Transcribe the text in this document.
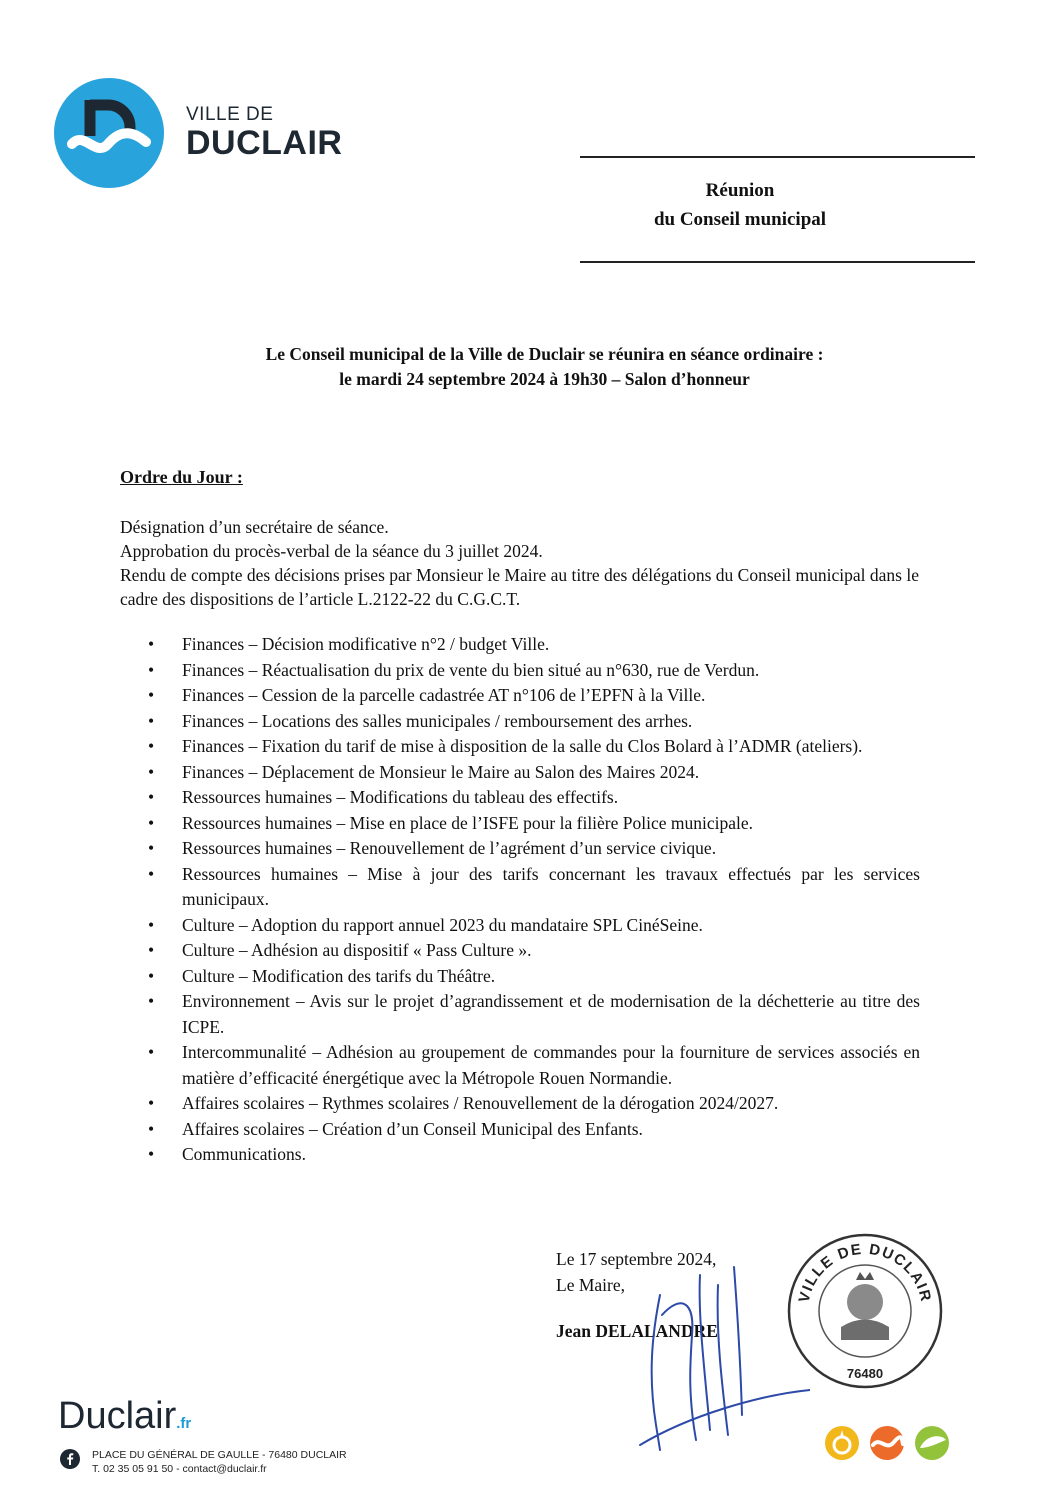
VILLE DE
DUCLAIR
Réunion
du Conseil municipal
Le Conseil municipal de la Ville de Duclair se réunira en séance ordinaire :
le mardi 24 septembre 2024 à 19h30 – Salon d’honneur
Ordre du Jour :
Désignation d’un secrétaire de séance.
Approbation du procès-verbal de la séance du 3 juillet 2024.
Rendu de compte des décisions prises par Monsieur le Maire au titre des délégations du Conseil municipal dans le cadre des dispositions de l’article L.2122-22 du C.G.C.T.
• Finances – Décision modificative n°2 / budget Ville.
• Finances – Réactualisation du prix de vente du bien situé au n°630, rue de Verdun.
• Finances – Cession de la parcelle cadastrée AT n°106 de l’EPFN à la Ville.
• Finances – Locations des salles municipales / remboursement des arrhes.
• Finances – Fixation du tarif de mise à disposition de la salle du Clos Bolard à l’ADMR (ateliers).
• Finances – Déplacement de Monsieur le Maire au Salon des Maires 2024.
• Ressources humaines – Modifications du tableau des effectifs.
• Ressources humaines – Mise en place de l’ISFE pour la filière Police municipale.
• Ressources humaines – Renouvellement de l’agrément d’un service civique.
• Ressources humaines – Mise à jour des tarifs concernant les travaux effectués par les services municipaux.
• Culture – Adoption du rapport annuel 2023 du mandataire SPL CinéSeine.
• Culture – Adhésion au dispositif « Pass Culture ».
• Culture – Modification des tarifs du Théâtre.
• Environnement – Avis sur le projet d’agrandissement et de modernisation de la déchetterie au titre des ICPE.
• Intercommunalité – Adhésion au groupement de commandes pour la fourniture de services associés en matière d’efficacité énergétique avec la Métropole Rouen Normandie.
• Affaires scolaires – Rythmes scolaires / Renouvellement de la dérogation 2024/2027.
• Affaires scolaires – Création d’un Conseil Municipal des Enfants.
• Communications.
Le 17 septembre 2024,
Le Maire,
Jean DELALANDRE
VILLE DE DUCLAIR
76480
Duclair.fr
PLACE DU GÉNÉRAL DE GAULLE - 76480 DUCLAIR
T. 02 35 05 91 50 - contact@duclair.fr
